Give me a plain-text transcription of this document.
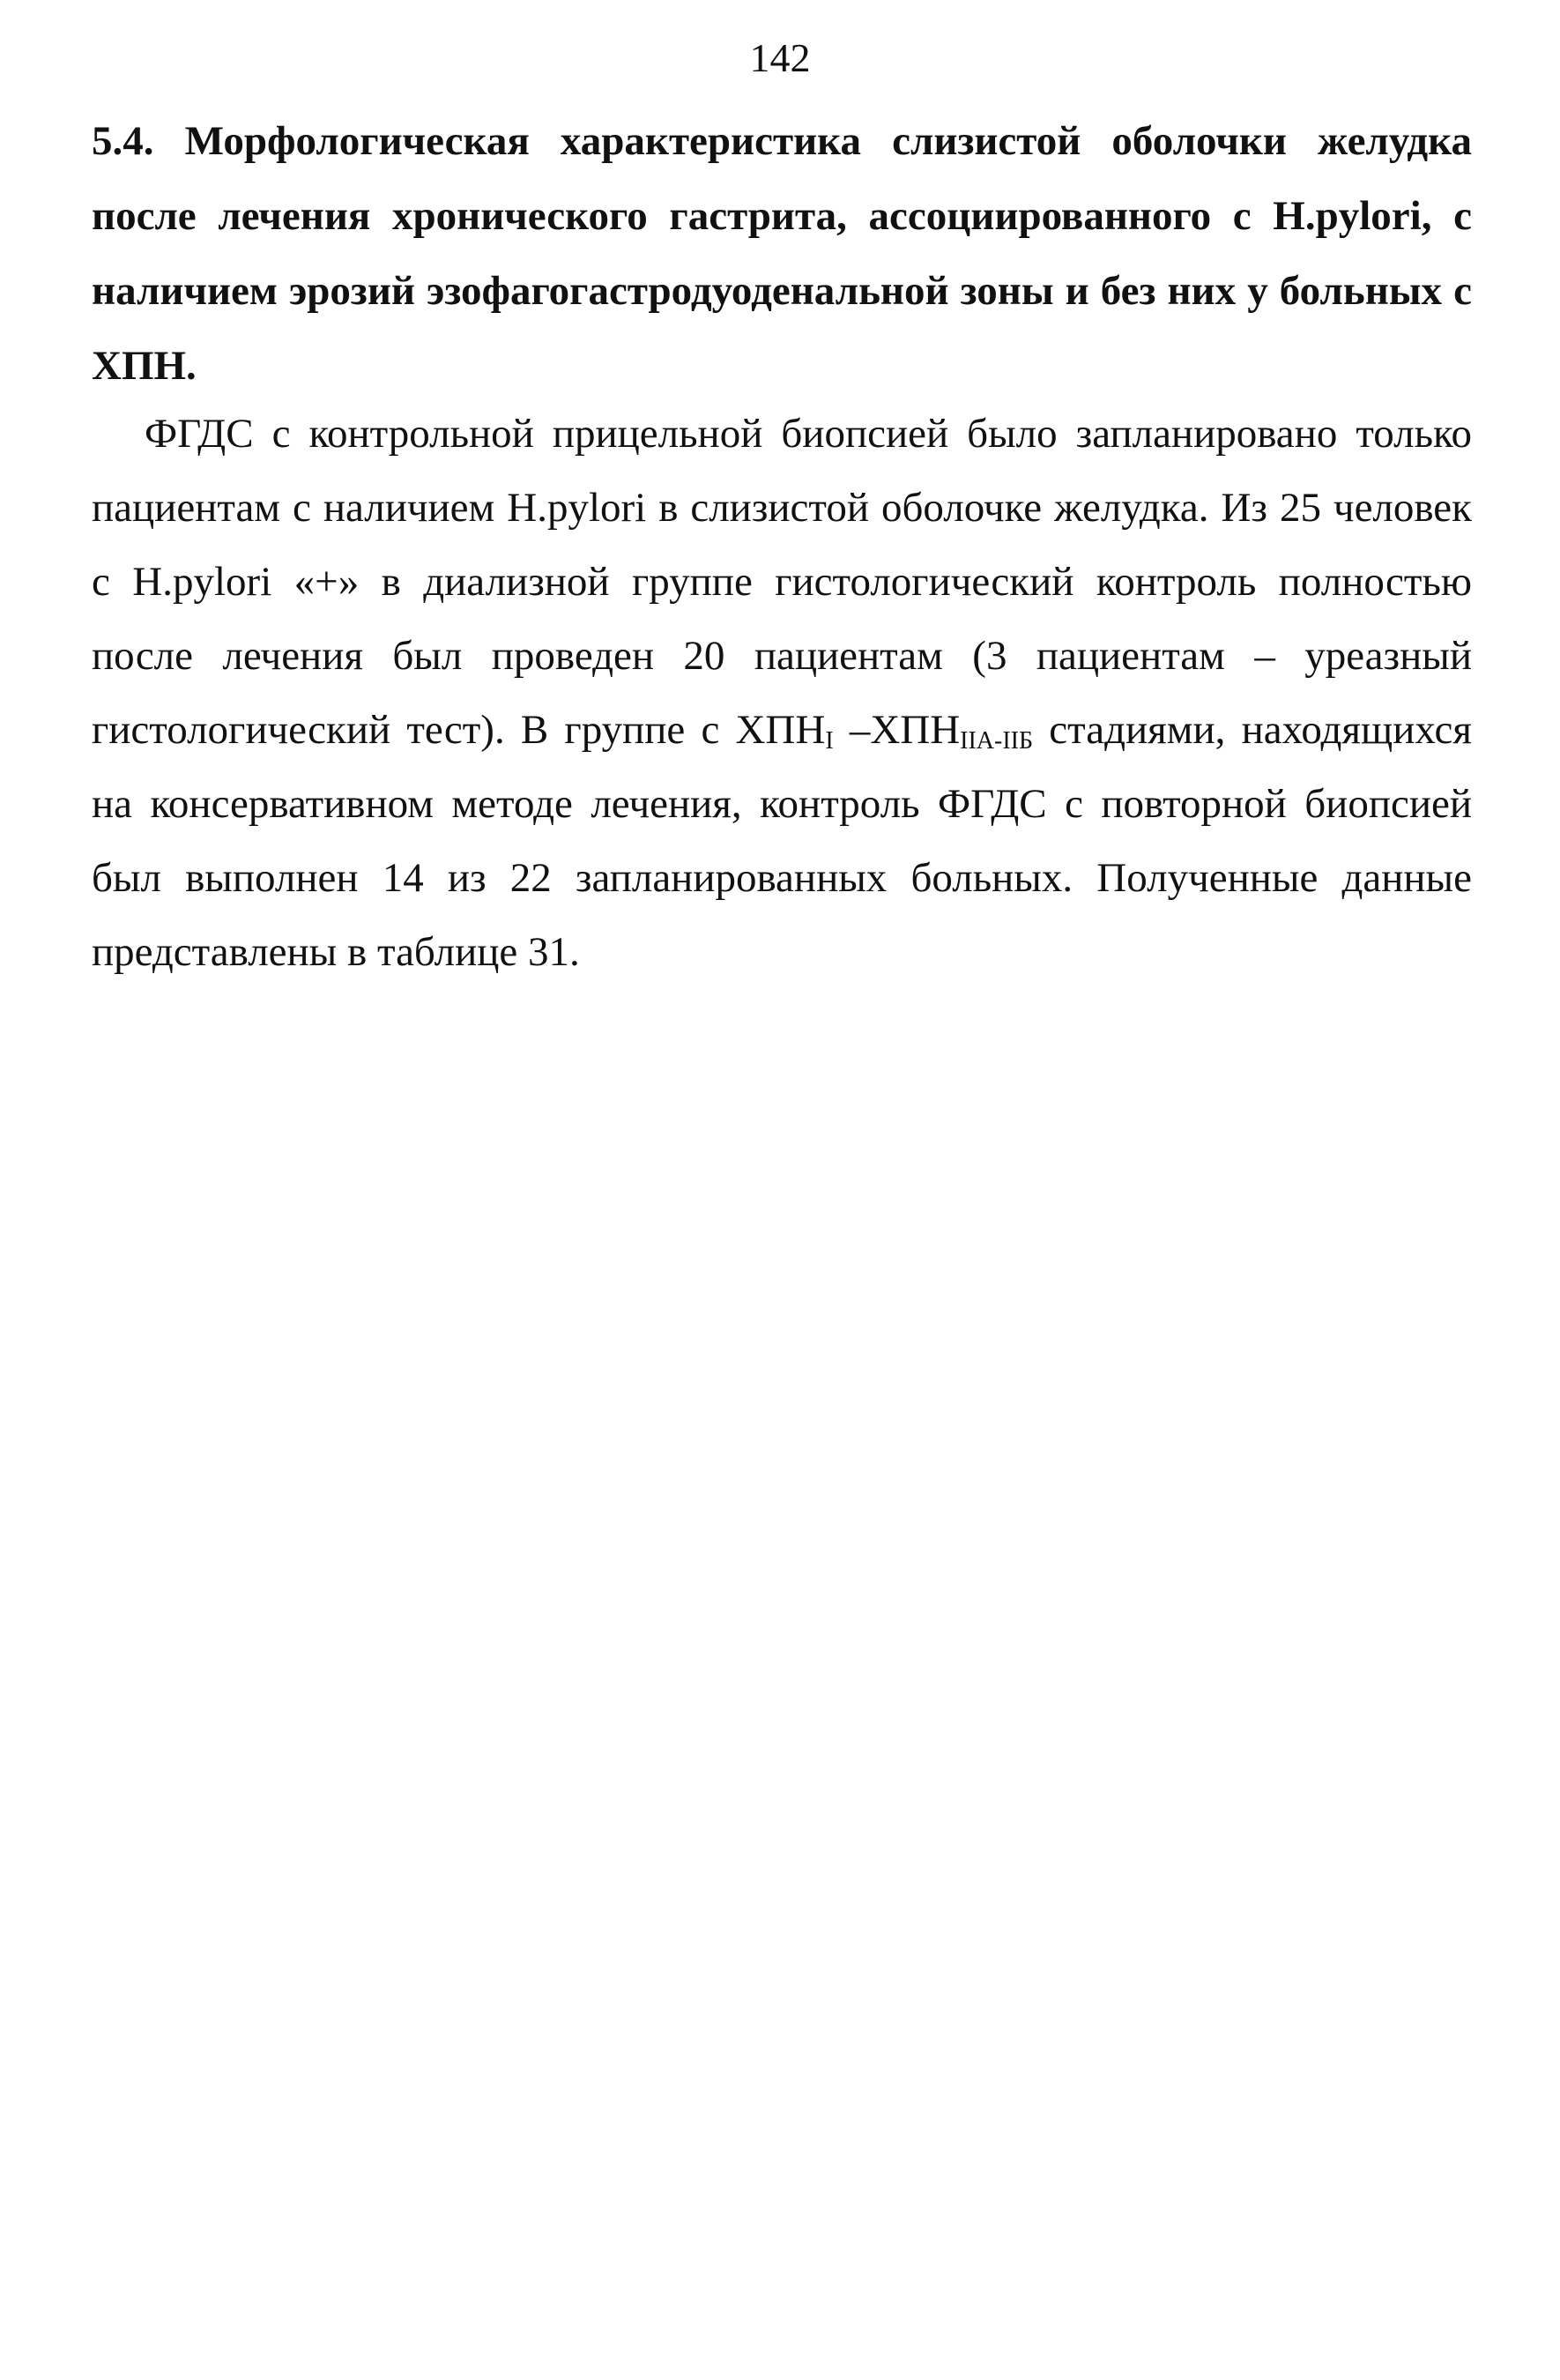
142

5.4. Морфологическая характеристика слизистой оболочки желудка после лечения хронического гастрита, ассоциированного с H.pylori, с наличием эрозий эзофагогастродуоденальной зоны и без них у больных с ХПН.

ФГДС с контрольной прицельной биопсией было запланировано только пациентам с наличием H.pylori в слизистой оболочке желудка. Из 25 человек с H.pylori «+» в диализной группе гистологический контроль полностью после лечения был проведен 20 пациентам (3 пациентам – уреазный гистологический тест). В группе с $ХПН_I$ $-ХПН_{IIА-IIБ}$ стадиями, находящихся на консервативном методе лечения, контроль ФГДС с повторной биопсией был выполнен 14 из 22 запланированных больных. Полученные данные представлены в таблице 31.
